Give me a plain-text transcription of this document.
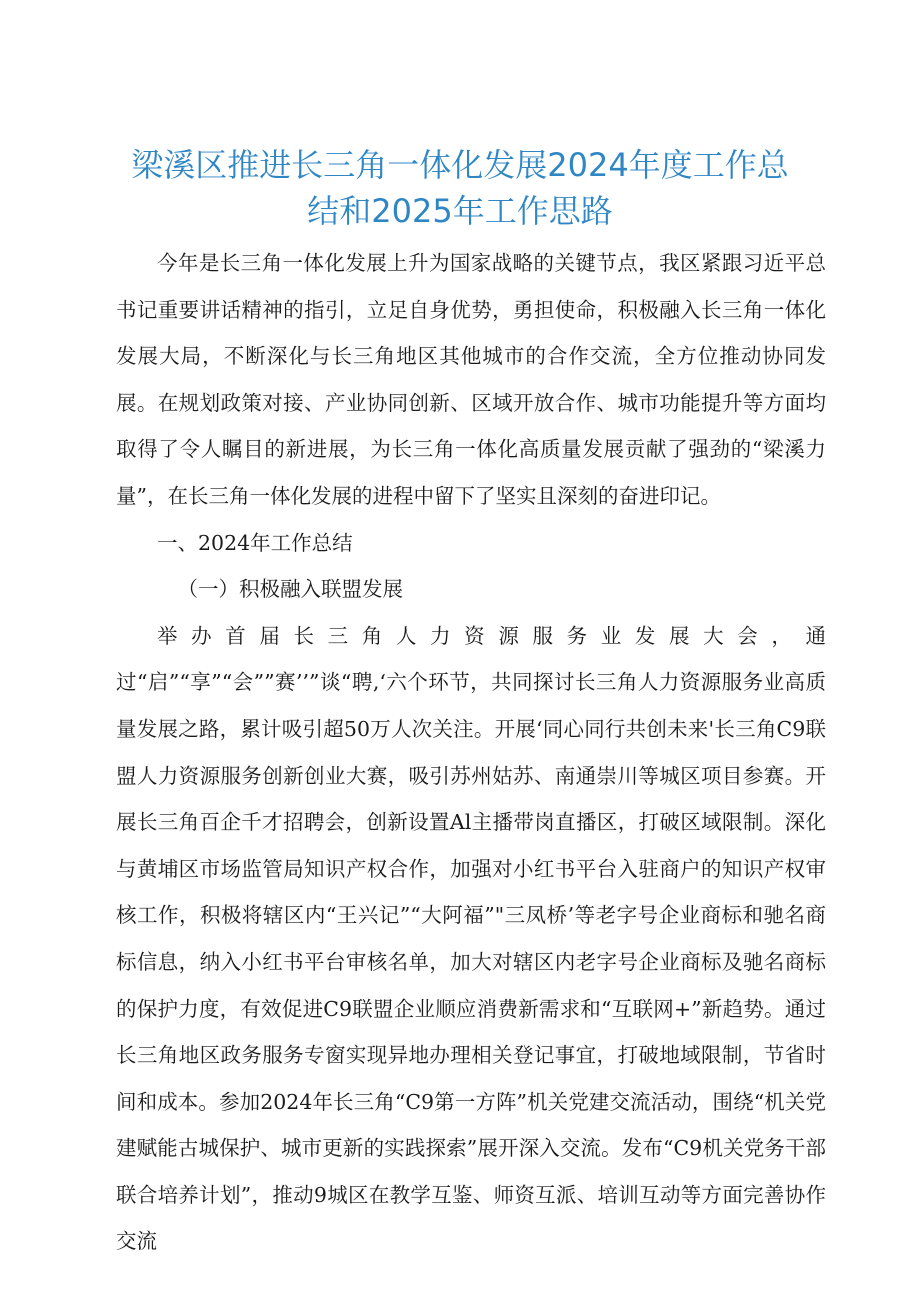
梁溪区推进长三角一体化发展2024年度工作总
结和2025年工作思路

今年是长三角一体化发展上升为国家战略的关键节点，我区紧跟习近平总书记重要讲话精神的指引，立足自身优势，勇担使命，积极融入长三角一体化发展大局，不断深化与长三角地区其他城市的合作交流，全方位推动协同发展。在规划政策对接、产业协同创新、区域开放合作、城市功能提升等方面均取得了令人瞩目的新进展，为长三角一体化高质量发展贡献了强劲的“梁溪力量”，在长三角一体化发展的进程中留下了坚实且深刻的奋进印记。

一、2024年工作总结

（一）积极融入联盟发展

举办首届长三角人力资源服务业发展大会，通过“启”“享”“会””赛’’”谈“聘,‘六个环节，共同探讨长三角人力资源服务业高质量发展之路，累计吸引超50万人次关注。开展‘同心同行共创未来'长三角C9联盟人力资源服务创新创业大赛，吸引苏州姑苏、南通崇川等城区项目参赛。开展长三角百企千才招聘会，创新设置Al主播带岗直播区，打破区域限制。深化与黄埔区市场监管局知识产权合作，加强对小红书平台入驻商户的知识产权审核工作，积极将辖区内“王兴记”“大阿福”"三凤桥’等老字号企业商标和驰名商标信息，纳入小红书平台审核名单，加大对辖区内老字号企业商标及驰名商标的保护力度，有效促进C9联盟企业顺应消费新需求和“互联网+”新趋势。通过长三角地区政务服务专窗实现异地办理相关登记事宜，打破地域限制，节省时间和成本。参加2024年长三角“C9第一方阵”机关党建交流活动，围绕“机关党建赋能古城保护、城市更新的实践探索”展开深入交流。发布“C9机关党务干部联合培养计划”，推动9城区在教学互鉴、师资互派、培训互动等方面完善协作交流
